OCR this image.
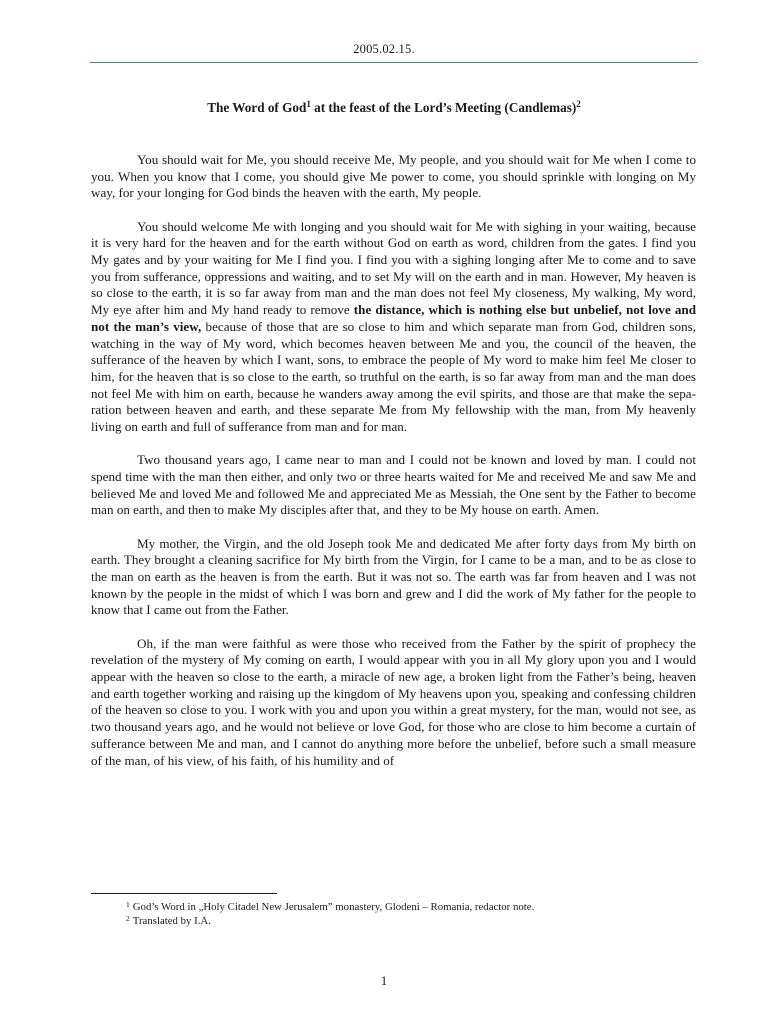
2005.02.15.
The Word of God$^1$ at the feast of the Lord’s Meeting (Candlemas)$^2$

You should wait for Me, you should receive Me, My people, and you should wait for Me when I come to you. When you know that I come, you should give Me power to come, you should sprinkle with longing on My way, for your longing for God binds the heaven with the earth, My people.

You should welcome Me with longing and you should wait for Me with sighing in your waiting, because it is very hard for the heaven and for the earth without God on earth as word, children from the gates. I find you My gates and by your waiting for Me I find you. I find you with a sighing longing after Me to come and to save you from sufferance, oppressions and waiting, and to set My will on the earth and in man. However, My heaven is so close to the earth, it is so far away from man and the man does not feel My closeness, My walking, My word, My eye after him and My hand ready to remove the distance, which is nothing else but unbelief, not love and not the man’s view, because of those that are so close to him and which separate man from God, children sons, watching in the way of My word, which becomes heaven between Me and you, the council of the heaven, the sufferance of the heaven by which I want, sons, to embrace the people of My word to make him feel Me closer to him, for the heaven that is so close to the earth, so truthful on the earth, is so far away from man and the man does not feel Me with him on earth, because he wanders away among the evil spirits, and those are that make the separation between heaven and earth, and these separate Me from My fellowship with the man, from My heavenly living on earth and full of sufferance from man and for man.

Two thousand years ago, I came near to man and I could not be known and loved by man. I could not spend time with the man then either, and only two or three hearts waited for Me and received Me and saw Me and believed Me and loved Me and followed Me and appreciated Me as Messiah, the One sent by the Father to become man on earth, and then to make My disciples after that, and they to be My house on earth. Amen.

My mother, the Virgin, and the old Joseph took Me and dedicated Me after forty days from My birth on earth. They brought a cleaning sacrifice for My birth from the Virgin, for I came to be a man, and to be as close to the man on earth as the heaven is from the earth. But it was not so. The earth was far from heaven and I was not known by the people in the midst of which I was born and grew and I did the work of My father for the people to know that I came out from the Father.

Oh, if the man were faithful as were those who received from the Father by the spirit of prophecy the revelation of the mystery of My coming on earth, I would appear with you in all My glory upon you and I would appear with the heaven so close to the earth, a miracle of new age, a broken light from the Father’s being, heaven and earth together working and raising up the kingdom of My heavens upon you, speaking and confessing children of the heaven so close to you. I work with you and upon you within a great mystery, for the man, would not see, as two thousand years ago, and he would not believe or love God, for those who are close to him become a curtain of sufferance between Me and man, and I cannot do anything more before the unbelief, before such a small measure of the man, of his view, of his faith, of his humility and of

$^1$ God’s Word in „Holy Citadel New Jerusalem” monastery, Glodeni – Romania, redactor note.
$^2$ Translated by I.A.
1
